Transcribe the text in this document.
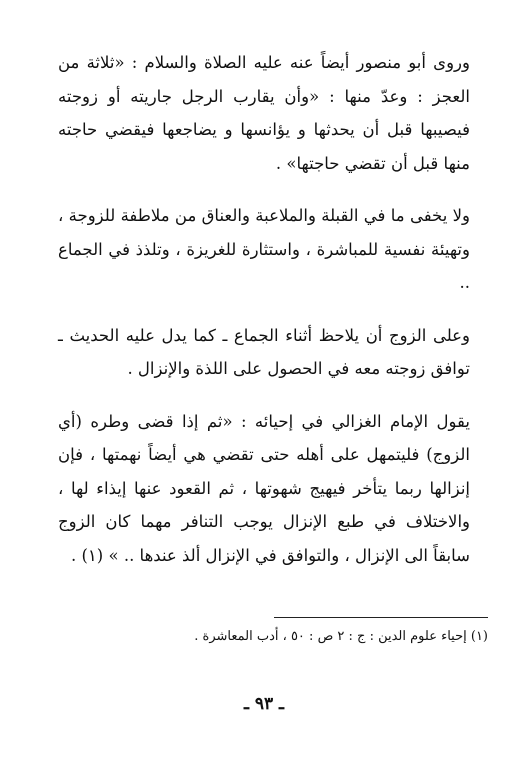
وروى أبو منصور أيضاً عنه عليه الصلاة والسلام : «ثلاثة من العجز : وعدّ منها : «وأن يقارب الرجل جاريته أو زوجته فيصيبها قبل أن يحدثها و يؤانسها و يضاجعها فيقضي حاجته منها قبل أن تقضي حاجتها» .

ولا يخفى ما في القبلة والملاعبة والعناق من ملاطفة للزوجة ، وتهيئة نفسية للمباشرة ، واستثارة للغريزة ، وتلذذ في الجماع ..

وعلى الزوج أن يلاحظ أثناء الجماع ـ كما يدل عليه الحديث ـ توافق زوجته معه في الحصول على اللذة والإنزال .

يقول الإمام الغزالي في إحيائه : «ثم إذا قضى وطره (أي الزوج) فليتمهل على أهله حتى تقضي هي أيضاً نهمتها ، فإن إنزالها ربما يتأخر فيهيج شهوتها ، ثم القعود عنها إيذاء لها ، والاختلاف في طبع الإنزال يوجب التنافر مهما كان الزوج سابقاً الى الإنزال ، والتوافق في الإنزال ألذ عندها .. » (١) .

(١) إحياء علوم الدين : ج : ٢ ص : ٥٠ ، أدب المعاشرة .

ـ ٩٣ ـ
